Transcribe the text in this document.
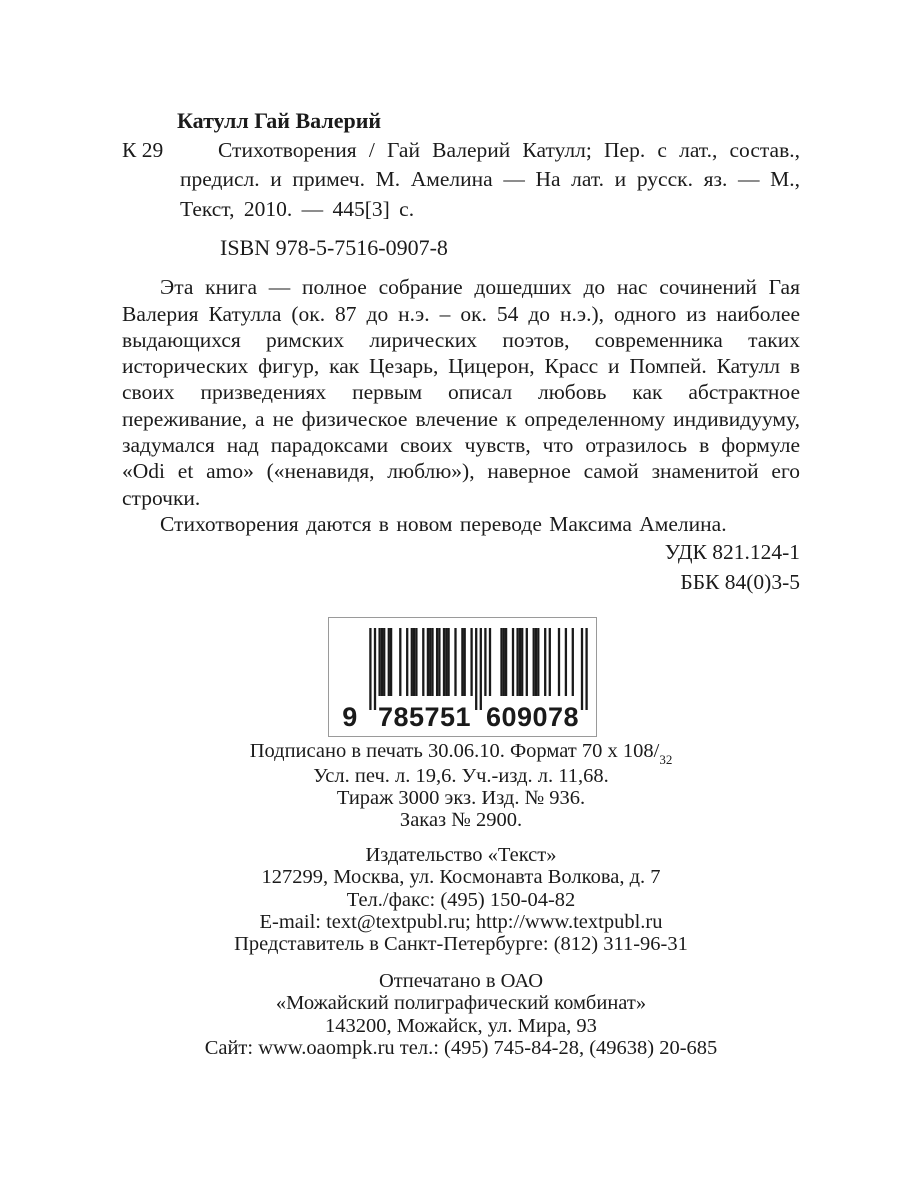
Катулл Гай Валерий
К 29	Стихотворения / Гай Валерий Катулл; Пер. с лат., состав., предисл. и примеч. М. Амелина — На лат. и русск. яз. — М., Текст, 2010. — 445[3] с.
ISBN 978-5-7516-0907-8

Эта книга — полное собрание дошедших до нас сочинений Гая Валерия Катулла (ок. 87 до н.э. – ок. 54 до н.э.), одного из наиболее выдающихся римских лирических поэтов, современника таких исторических фигур, как Цезарь, Цицерон, Красс и Помпей. Катулл в своих призведениях первым описал любовь как абстрактное переживание, а не физическое влечение к определенному индивидууму, задумался над парадоксами своих чувств, что отразилось в формуле «Odi et amo» («ненавидя, люблю»), наверное самой знаменитой его строчки.

Стихотворения даются в новом переводе Максима Амелина.

УДК 821.124-1
ББК 84(0)3-5
9 785751 609078
Подписано в печать 30.06.10. Формат 70 х $108/_{32}$
Усл. печ. л. 19,6. Уч.-изд. л. 11,68.
Тираж 3000 экз. Изд. № 936.
Заказ № 2900.
Издательство «Текст»
127299, Москва, ул. Космонавта Волкова, д. 7
Тел./факс: (495) 150-04-82
E-mail: text@textpubl.ru; http://www.textpubl.ru
Представитель в Санкт-Петербурге: (812) 311-96-31
Отпечатано в ОАО
«Можайский полиграфический комбинат»
143200, Можайск, ул. Мира, 93
Сайт: www.oaompk.ru тел.: (495) 745-84-28, (49638) 20-685
